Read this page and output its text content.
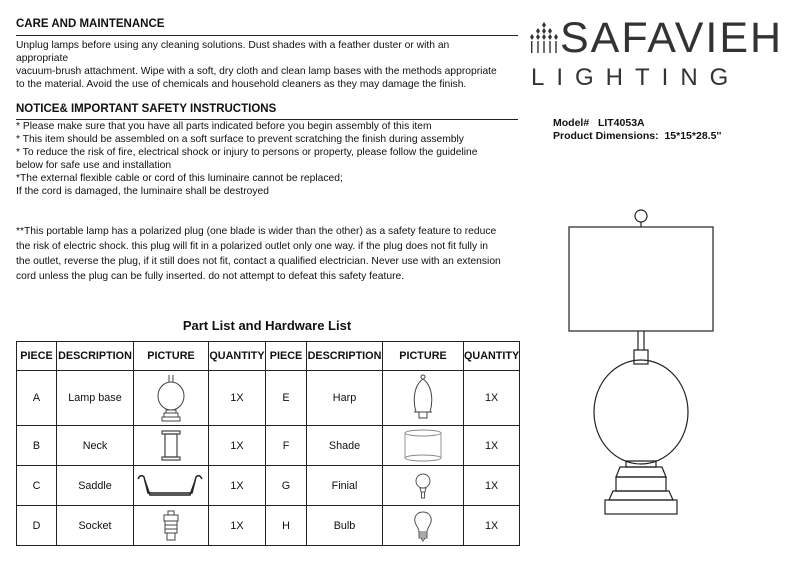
CARE AND MAINTENANCE
Unplug lamps before using any cleaning solutions. Dust shades with a feather duster or with an
appropriate
vacuum-brush attachment. Wipe with a soft, dry cloth and clean lamp bases with the methods appropriate
to the material. Avoid the use of chemicals and household cleaners as they may damage the finish.
NOTICE& IMPORTANT SAFETY INSTRUCTIONS
* Please make sure that you have all parts indicated before you begin assembly of this item
* This item should be assembled on a soft surface to prevent scratching the finish during assembly
* To reduce the risk of fire, electrical shock or injury to persons or property, please follow the guideline
below for safe use and installation
*The external flexible cable or cord of this luminaire cannot be replaced;
If the cord is damaged, the luminaire shall be destroyed
**This portable lamp has a polarized plug (one blade is wider than the other) as a safety feature to reduce
the risk of electric shock. this plug will fit in a polarized outlet only one way. if the plug does not fit fully in
the outlet, reverse the plug, if it still does not fit, contact a qualified electrician. Never use with an extension
cord unless the plug can be fully inserted. do not attempt to defeat this safety feature.
SAFAVIEH
LIGHTING
Model# LIT4053A
Product Dimensions: 15*15*28.5''
Part List and Hardware List
PIECE	DESCRIPTION	PICTURE	QUANTITY	PIECE	DESCRIPTION	PICTURE	QUANTITY
A	Lamp base		1X	E	Harp		1X
B	Neck		1X	F	Shade		1X
C	Saddle		1X	G	Finial		1X
D	Socket		1X	H	Bulb		1X
